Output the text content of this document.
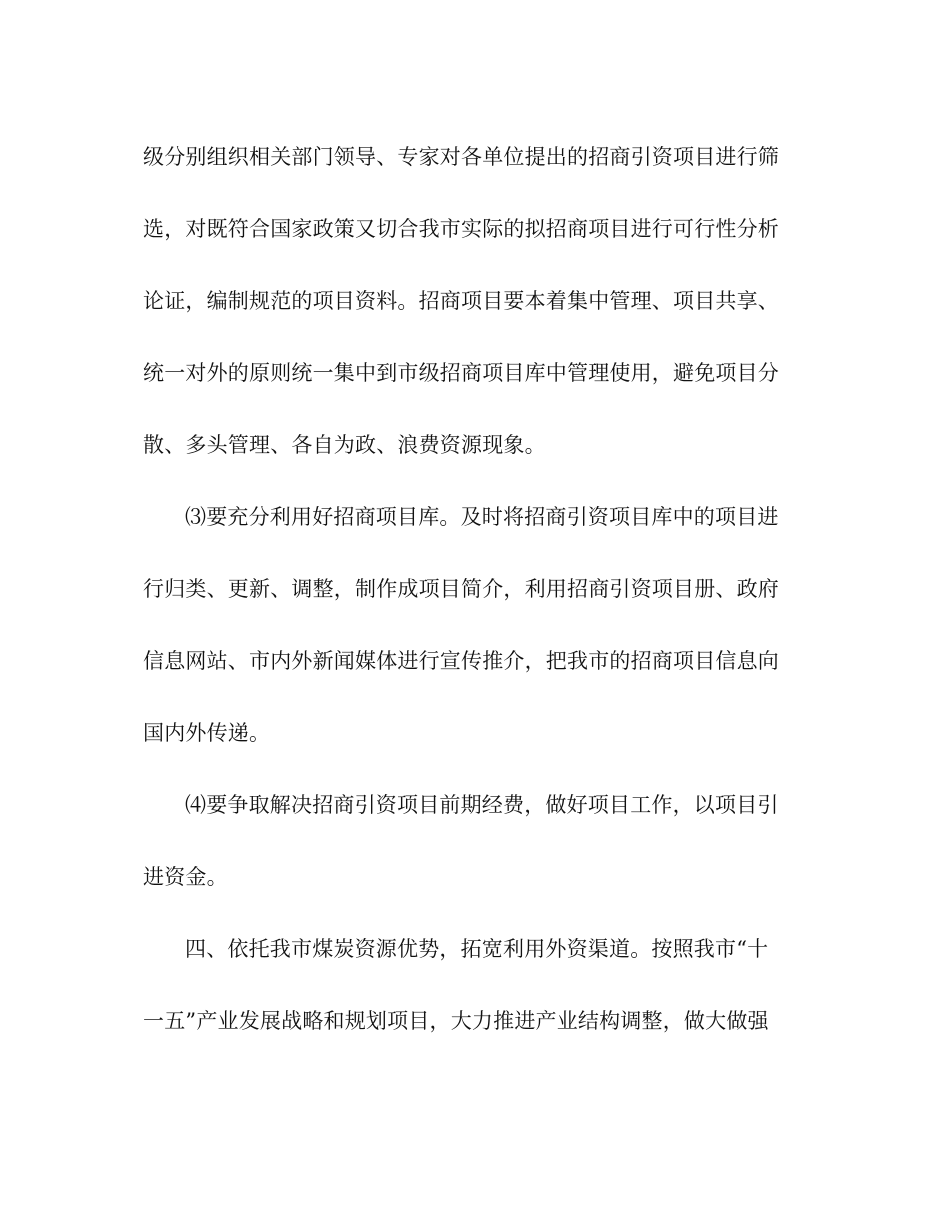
级分别组织相关部门领导、专家对各单位提出的招商引资项目进行筛
选，对既符合国家政策又切合我市实际的拟招商项目进行可行性分析
论证，编制规范的项目资料。招商项目要本着集中管理、项目共享、
统一对外的原则统一集中到市级招商项目库中管理使用，避免项目分
散、多头管理、各自为政、浪费资源现象。
⑶要充分利用好招商项目库。及时将招商引资项目库中的项目进
行归类、更新、调整，制作成项目简介，利用招商引资项目册、政府
信息网站、市内外新闻媒体进行宣传推介，把我市的招商项目信息向
国内外传递。
⑷要争取解决招商引资项目前期经费，做好项目工作，以项目引
进资金。
四、依托我市煤炭资源优势，拓宽利用外资渠道。按照我市“十
一五”产业发展战略和规划项目，大力推进产业结构调整，做大做强
